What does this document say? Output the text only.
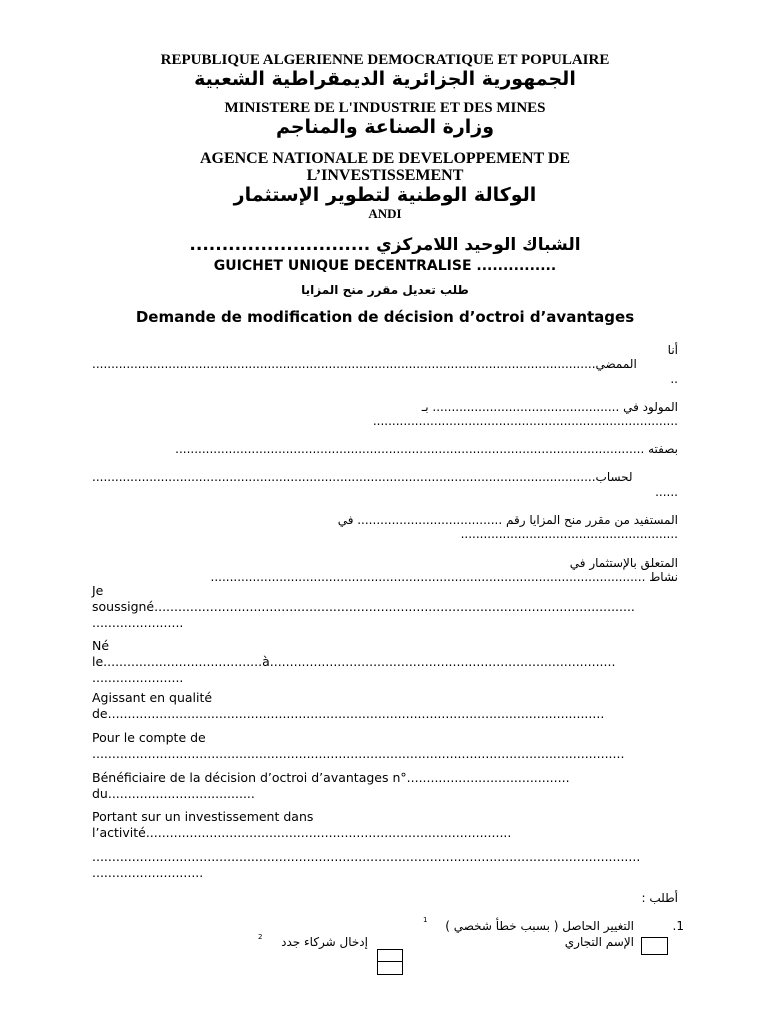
REPUBLIQUE ALGERIENNE DEMOCRATIQUE ET POPULAIRE
الجمهورية الجزائرية الديمقراطية الشعبية
MINISTERE DE L'INDUSTRIE ET DES MINES
وزارة الصناعة والمناجم
AGENCE NATIONALE DE DEVELOPPEMENT DE
L’INVESTISSEMENT
الوكالة الوطنية لتطوير الإستثمار
ANDI
الشباك الوحيد اللامركزي ............................
GUICHET UNIQUE DECENTRALISE ...............
طلب تعديل مقرر منح المزايا
Demande de modification de décision d’octroi d’avantages
أنا
....................................................................................................................................الممضي
..
المولود في ................................................. بـ
................................................................................
بصفته ...........................................................................................................................
....................................................................................................................................لحساب
......
المستفيد من مقرر منح المزايا رقم ...................................... في
.........................................................
المتعلق بالإستثمار في
نشاط ..................................................................................................................
Je
soussigné.........................................................................................................................
.......................
Né
le........................................à.......................................................................................
.......................
Agissant en qualité
de.............................................................................................................................
Pour le compte de
......................................................................................................................................
Bénéficiaire de la décision d’octroi d’avantages n°.........................................
du.....................................
Portant sur un investissement dans
l’activité............................................................................................
..........................................................................................................................................
............................
أطلب :
.1
التغيير الحاصل ( بسبب خطأ شخصي )
1
الإسم التجاري
إدخال شركاء جدد
2
